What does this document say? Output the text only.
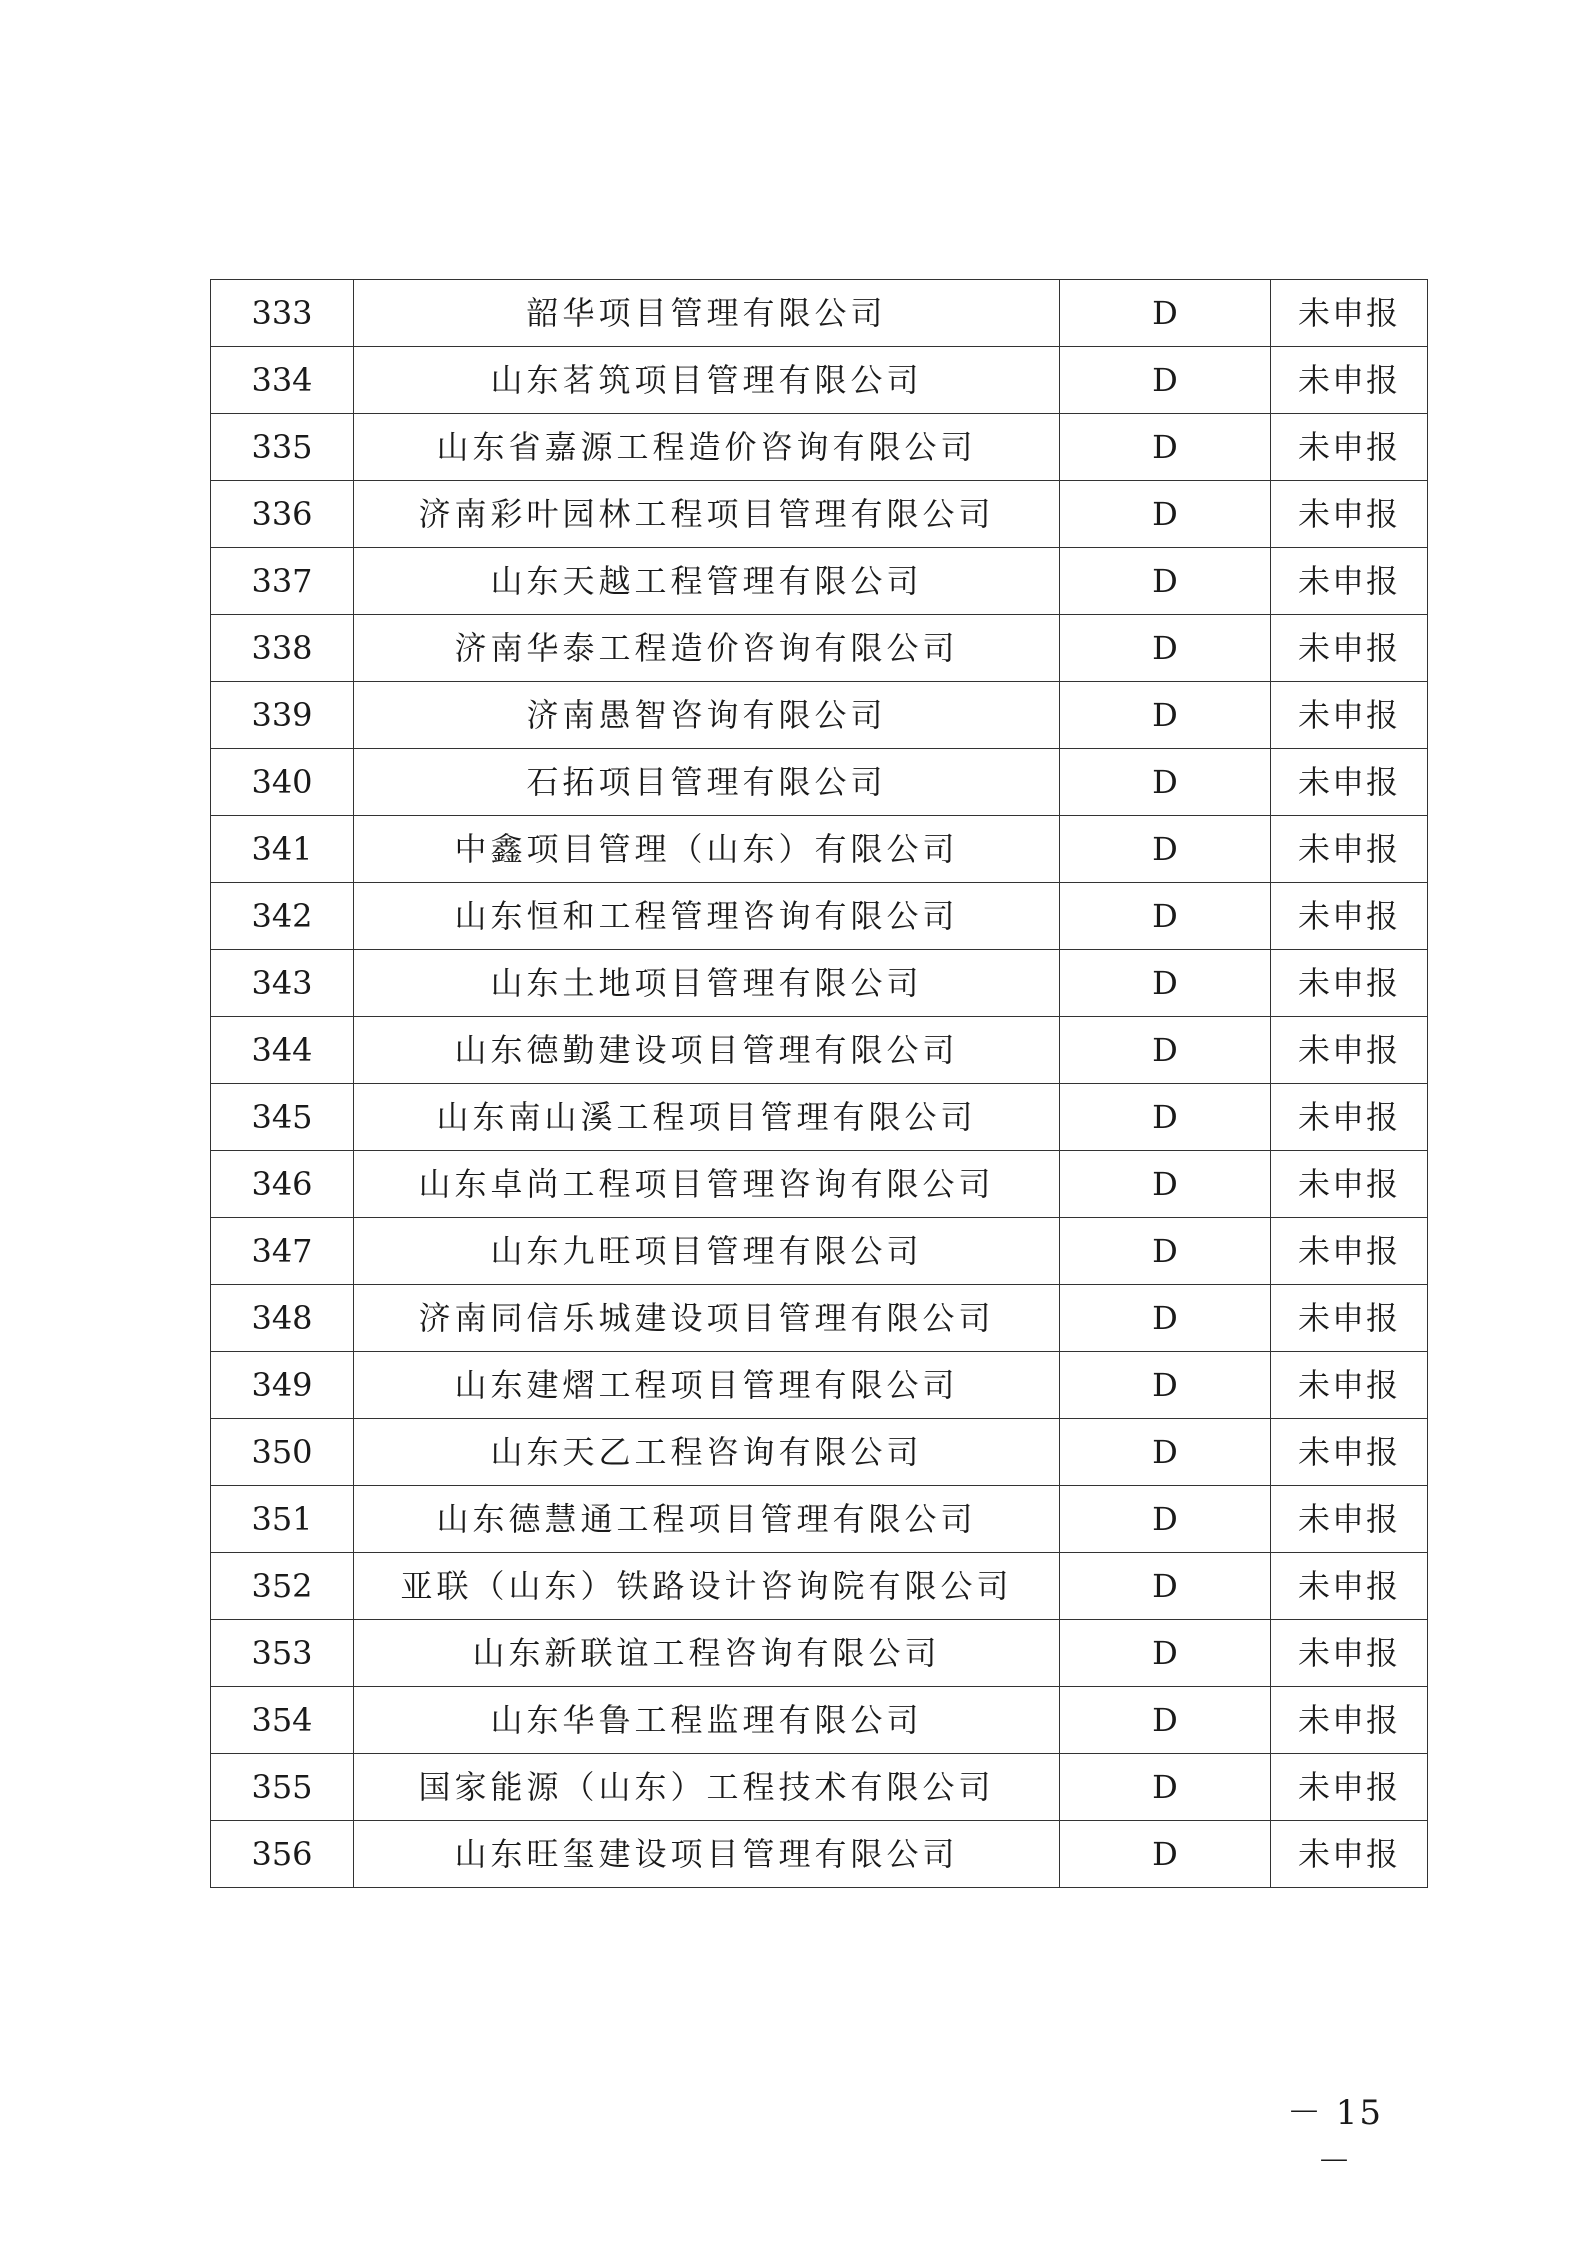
333	韶华项目管理有限公司	D	未申报
334	山东茗筑项目管理有限公司	D	未申报
335	山东省嘉源工程造价咨询有限公司	D	未申报
336	济南彩叶园林工程项目管理有限公司	D	未申报
337	山东天越工程管理有限公司	D	未申报
338	济南华泰工程造价咨询有限公司	D	未申报
339	济南愚智咨询有限公司	D	未申报
340	石拓项目管理有限公司	D	未申报
341	中鑫项目管理（山东）有限公司	D	未申报
342	山东恒和工程管理咨询有限公司	D	未申报
343	山东土地项目管理有限公司	D	未申报
344	山东德勤建设项目管理有限公司	D	未申报
345	山东南山溪工程项目管理有限公司	D	未申报
346	山东卓尚工程项目管理咨询有限公司	D	未申报
347	山东九旺项目管理有限公司	D	未申报
348	济南同信乐城建设项目管理有限公司	D	未申报
349	山东建熠工程项目管理有限公司	D	未申报
350	山东天乙工程咨询有限公司	D	未申报
351	山东德慧通工程项目管理有限公司	D	未申报
352	亚联（山东）铁路设计咨询院有限公司	D	未申报
353	山东新联谊工程咨询有限公司	D	未申报
354	山东华鲁工程监理有限公司	D	未申报
355	国家能源（山东）工程技术有限公司	D	未申报
356	山东旺玺建设项目管理有限公司	D	未申报
－ 15 －
